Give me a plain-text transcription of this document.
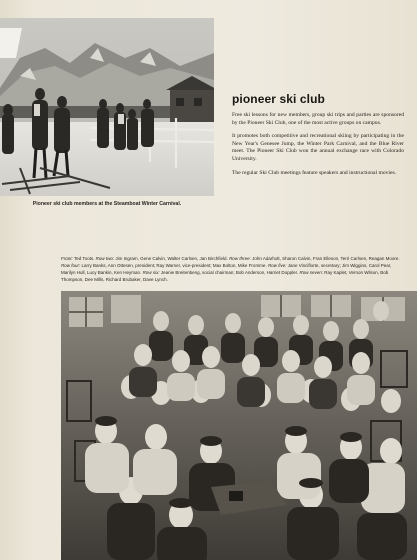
Pioneer ski club members at the Steamboat Winter Carnival.
pioneer ski club

Free ski lessons for new members, group ski trips and parties are sponsored by the Pioneer Ski Club, one of the most active groups on campus.

It promotes both competitive and recreational skiing by participating in the New Year's Genesee Jump, the Winter Park Carnival, and the Blue River meet. The Pioneer Ski Club won the annual exchange race with Colorado University.

The regular Ski Club meetings feature speakers and instructional movies.

Front: Ted Toots. Row two: Jim Ingram, Gene Calvin, Walter Carlsen, Jan Birchfield. Row three: John Adarholt, Sharon Calvin, Fran Elleson, Terri Carlsen, Reagan Moore. Row four: Larry Banks, Ann Ottesen, president; Ray Warner, vice-president; Max Bolton, Mike Fromme. Row five: Jane Vinciflorte, secretary; Jim Wiggins, Carol Pear, Marilyn Hull, Lucy Bankin, Ken Heyman. Row six: Jeanie Breitenbeng, social chairman; Bob Anderson, Harriet Doppler. Row seven: Ray Kaplet, Vernon Wilson, Bob Thompson, Dee Mills, Richard Brubaker, Dave Lynch.
